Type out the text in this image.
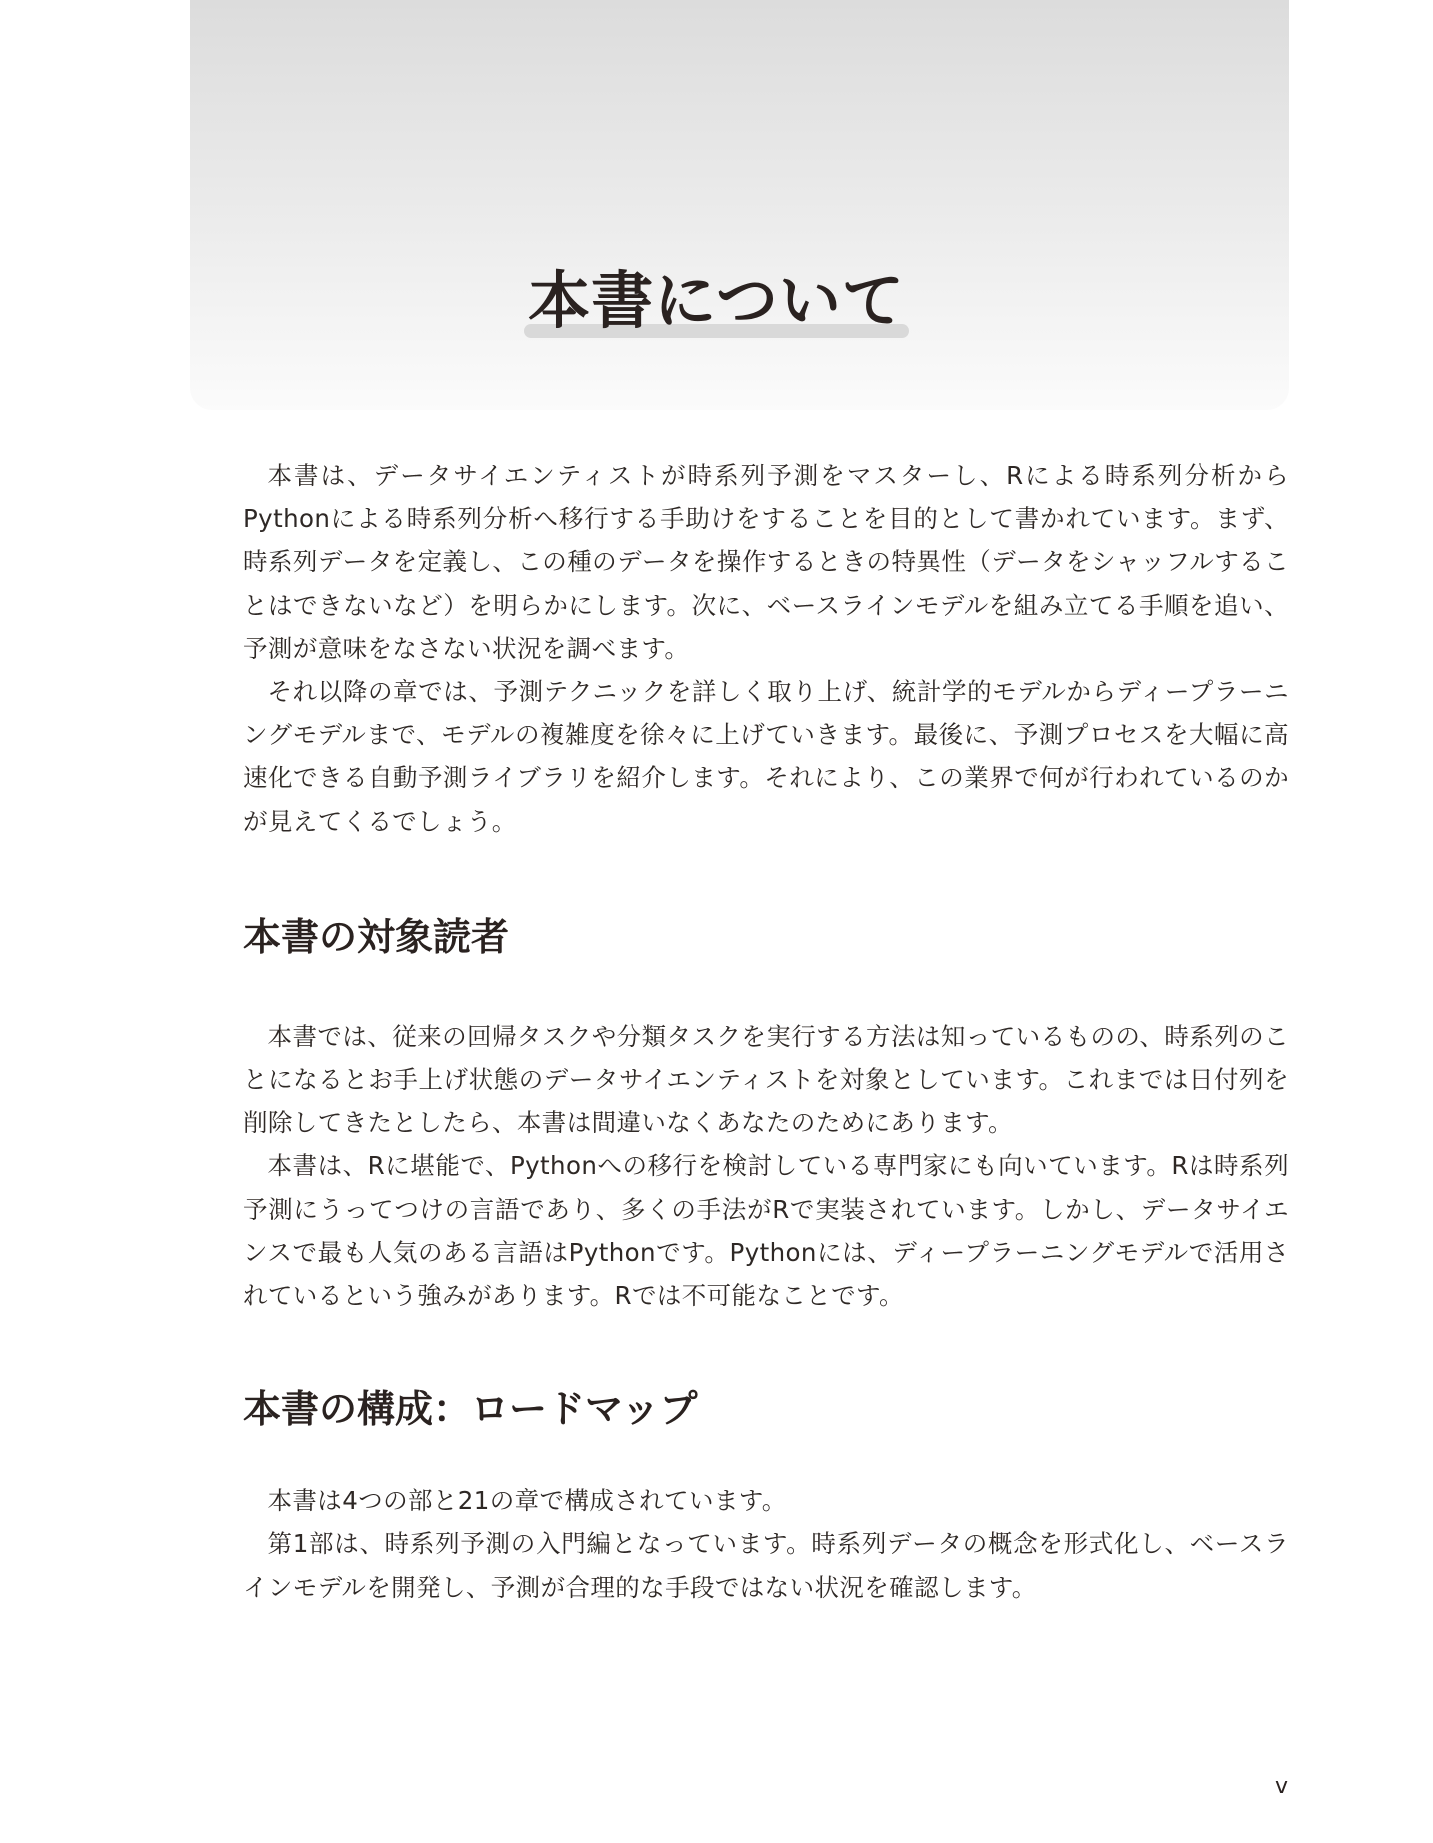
本書について

本書は、データサイエンティストが時系列予測をマスターし、Rによる時系列分析からPythonによる時系列分析へ移行する手助けをすることを目的として書かれています。まず、時系列データを定義し、この種のデータを操作するときの特異性（データをシャッフルすることはできないなど）を明らかにします。次に、ベースラインモデルを組み立てる手順を追い、予測が意味をなさない状況を調べます。

それ以降の章では、予測テクニックを詳しく取り上げ、統計学的モデルからディープラーニングモデルまで、モデルの複雑度を徐々に上げていきます。最後に、予測プロセスを大幅に高速化できる自動予測ライブラリを紹介します。それにより、この業界で何が行われているのかが見えてくるでしょう。

本書の対象読者

本書では、従来の回帰タスクや分類タスクを実行する方法は知っているものの、時系列のことになるとお手上げ状態のデータサイエンティストを対象としています。これまでは日付列を削除してきたとしたら、本書は間違いなくあなたのためにあります。

本書は、Rに堪能で、Pythonへの移行を検討している専門家にも向いています。Rは時系列予測にうってつけの言語であり、多くの手法がRで実装されています。しかし、データサイエンスで最も人気のある言語はPythonです。Pythonには、ディープラーニングモデルで活用されているという強みがあります。Rでは不可能なことです。

本書の構成：ロードマップ

本書は4つの部と21の章で構成されています。

第1部は、時系列予測の入門編となっています。時系列データの概念を形式化し、ベースラインモデルを開発し、予測が合理的な手段ではない状況を確認します。

v
